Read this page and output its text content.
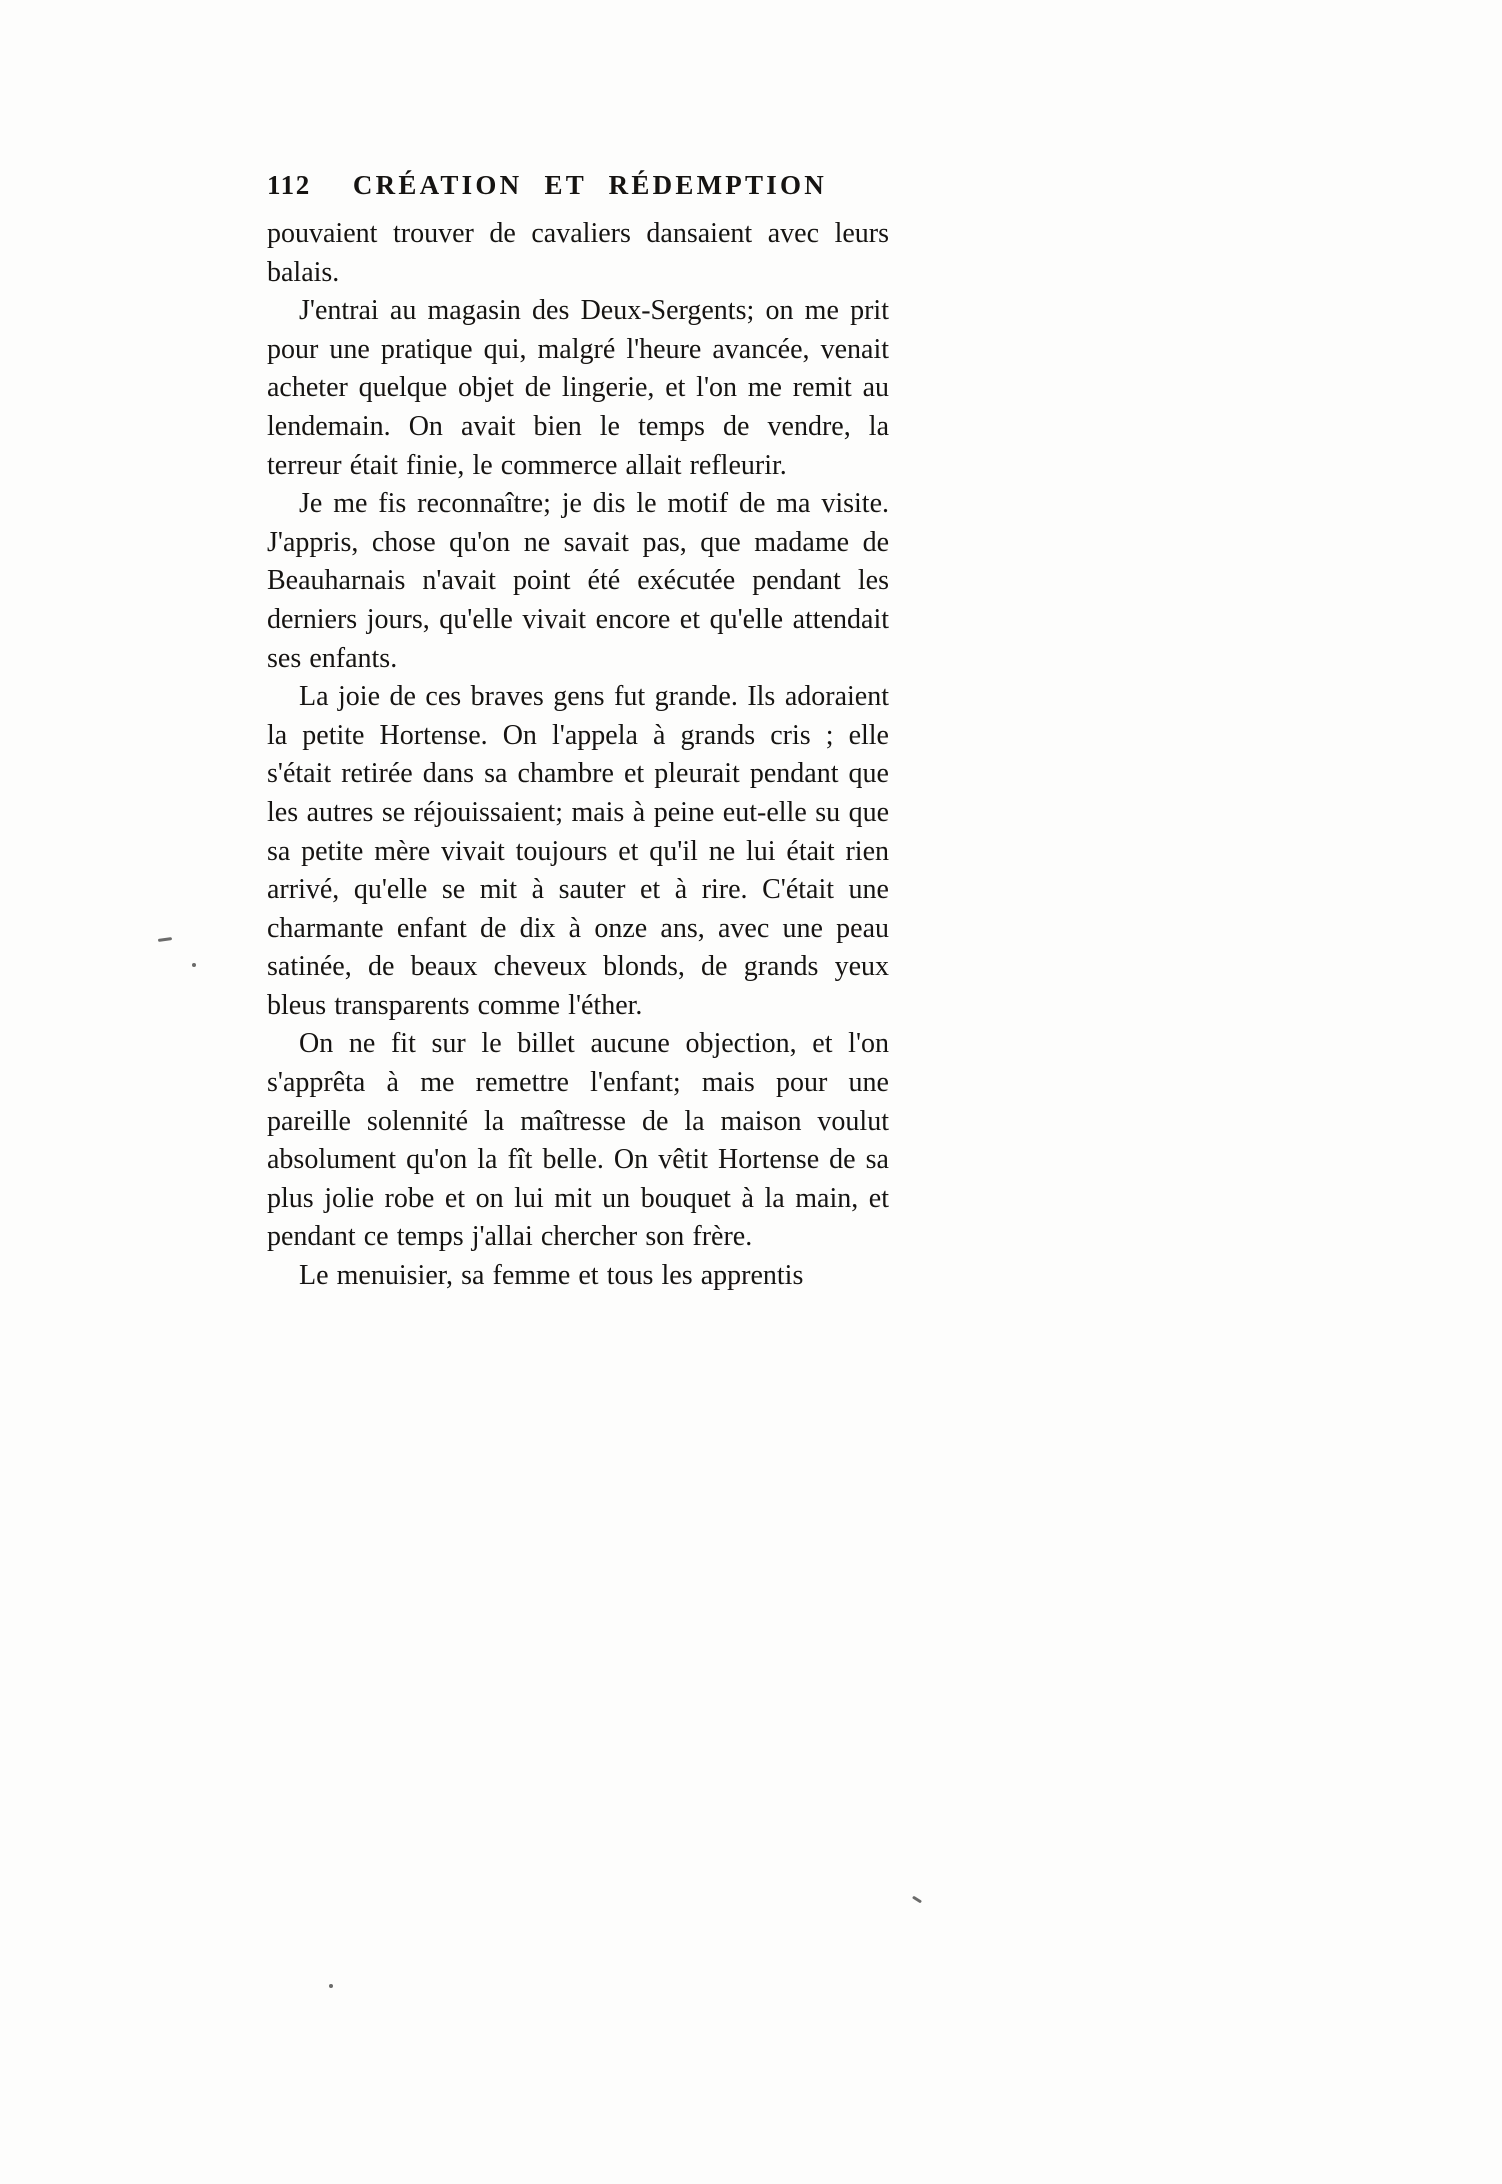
112 CRÉATION ET RÉDEMPTION

pouvaient trouver de cavaliers dansaient avec leurs balais.

J'entrai au magasin des Deux-Sergents; on me prit pour une pratique qui, malgré l'heure avancée, venait acheter quelque objet de lingerie, et l'on me remit au lendemain. On avait bien le temps de vendre, la terreur était finie, le commerce allait refleurir.

Je me fis reconnaître; je dis le motif de ma visite. J'appris, chose qu'on ne savait pas, que madame de Beauharnais n'avait point été exécutée pendant les derniers jours, qu'elle vivait encore et qu'elle attendait ses enfants.

La joie de ces braves gens fut grande. Ils adoraient la petite Hortense. On l'appela à grands cris ; elle s'était retirée dans sa chambre et pleurait pendant que les autres se réjouissaient; mais à peine eut-elle su que sa petite mère vivait toujours et qu'il ne lui était rien arrivé, qu'elle se mit à sauter et à rire. C'était une charmante enfant de dix à onze ans, avec une peau satinée, de beaux cheveux blonds, de grands yeux bleus transparents comme l'éther.

On ne fit sur le billet aucune objection, et l'on s'apprêta à me remettre l'enfant; mais pour une pareille solennité la maîtresse de la maison voulut absolument qu'on la fît belle. On vêtit Hortense de sa plus jolie robe et on lui mit un bouquet à la main, et pendant ce temps j'allai chercher son frère.

Le menuisier, sa femme et tous les apprentis
